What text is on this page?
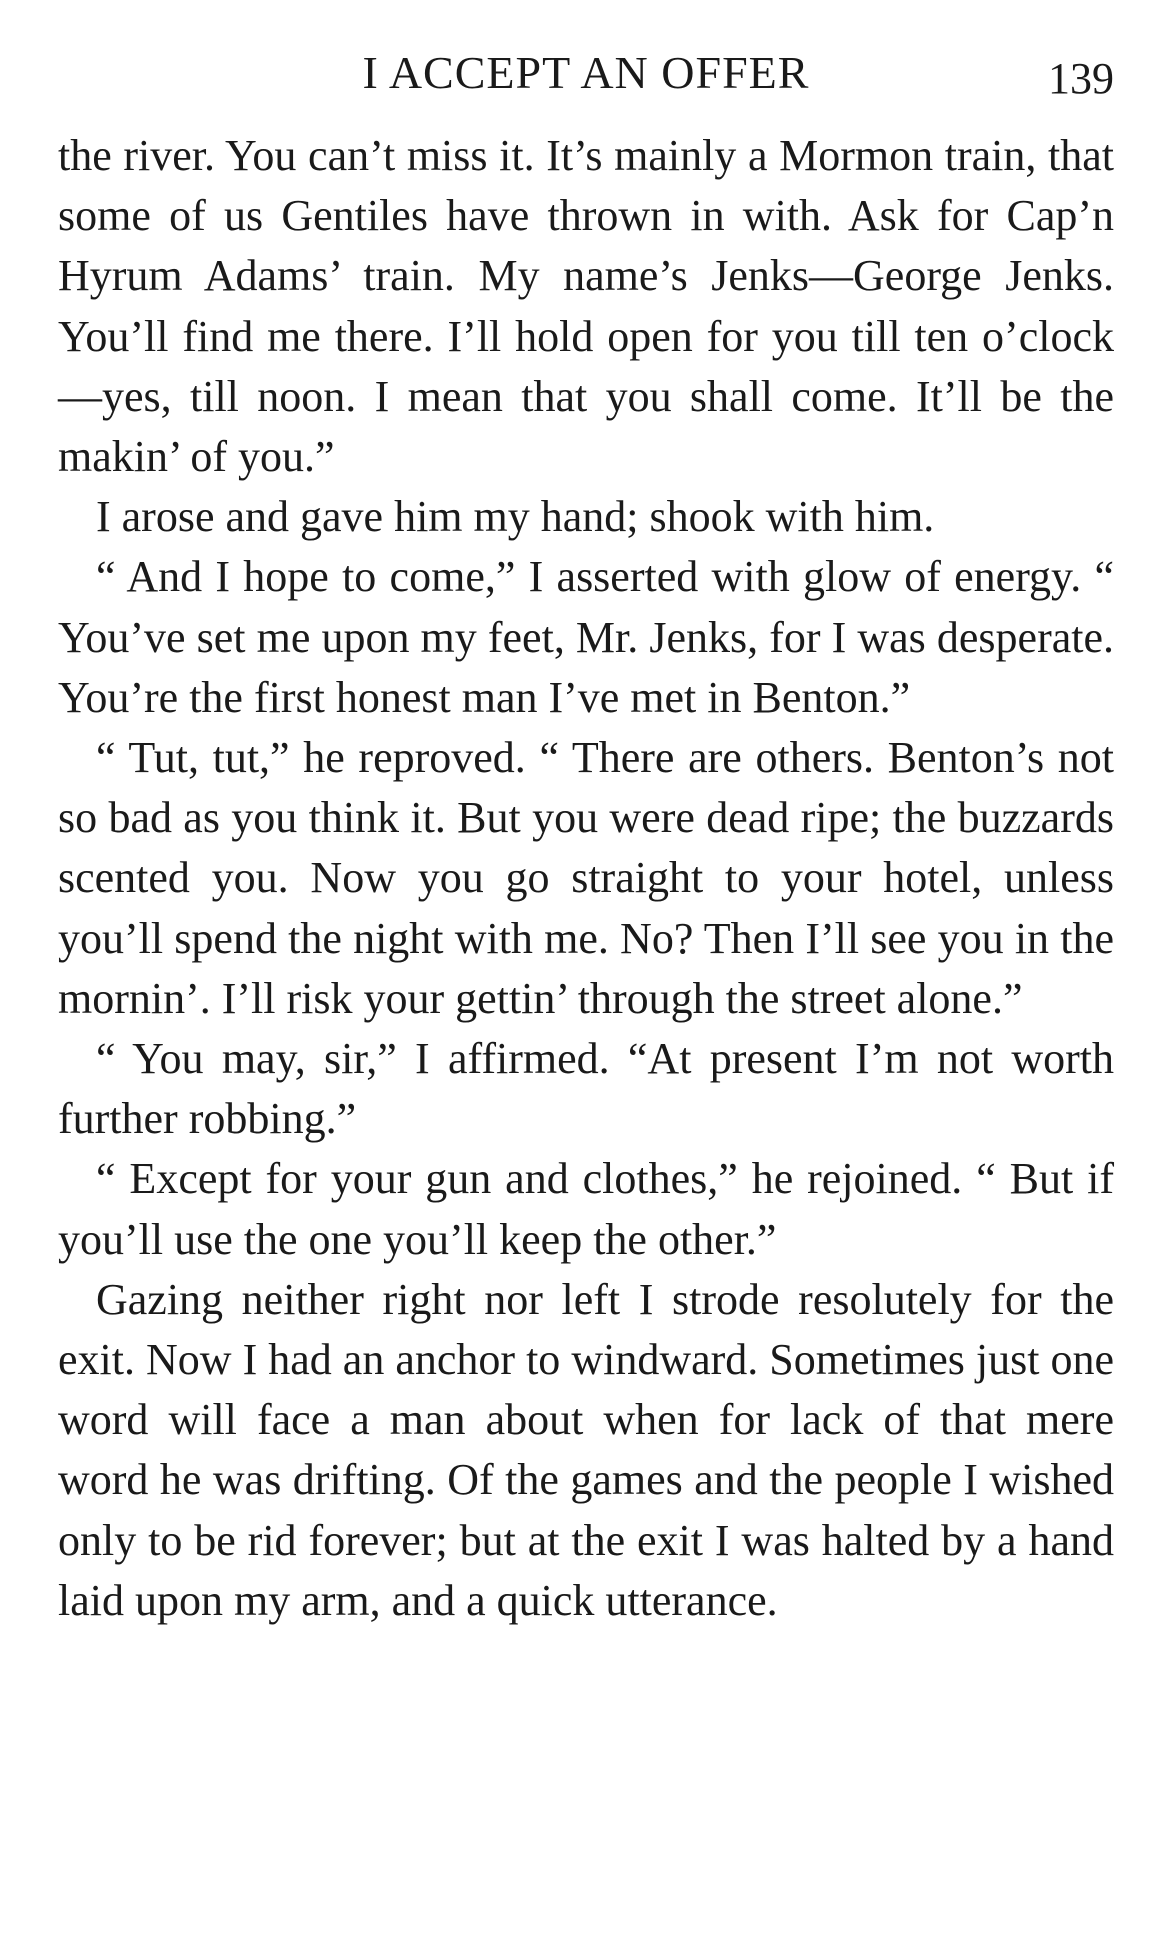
I ACCEPT AN OFFER	139

the river. You can’t miss it. It’s mainly a Mormon train, that some of us Gentiles have thrown in with. Ask for Cap’n Hyrum Adams’ train. My name’s Jenks—George Jenks. You’ll find me there. I’ll hold open for you till ten o’clock—yes, till noon. I mean that you shall come. It’ll be the makin’ of you.”

I arose and gave him my hand; shook with him.

“ And I hope to come,” I asserted with glow of energy. “ You’ve set me upon my feet, Mr. Jenks, for I was desperate. You’re the first honest man I’ve met in Benton.”

“ Tut, tut,” he reproved. “ There are others. Benton’s not so bad as you think it. But you were dead ripe; the buzzards scented you. Now you go straight to your hotel, unless you’ll spend the night with me. No? Then I’ll see you in the mornin’. I’ll risk your gettin’ through the street alone.”

“ You may, sir,” I affirmed. “At present I’m not worth further robbing.”

“ Except for your gun and clothes,” he rejoined. “ But if you’ll use the one you’ll keep the other.”

Gazing neither right nor left I strode resolutely for the exit. Now I had an anchor to windward. Sometimes just one word will face a man about when for lack of that mere word he was drifting. Of the games and the people I wished only to be rid forever; but at the exit I was halted by a hand laid upon my arm, and a quick utterance.
